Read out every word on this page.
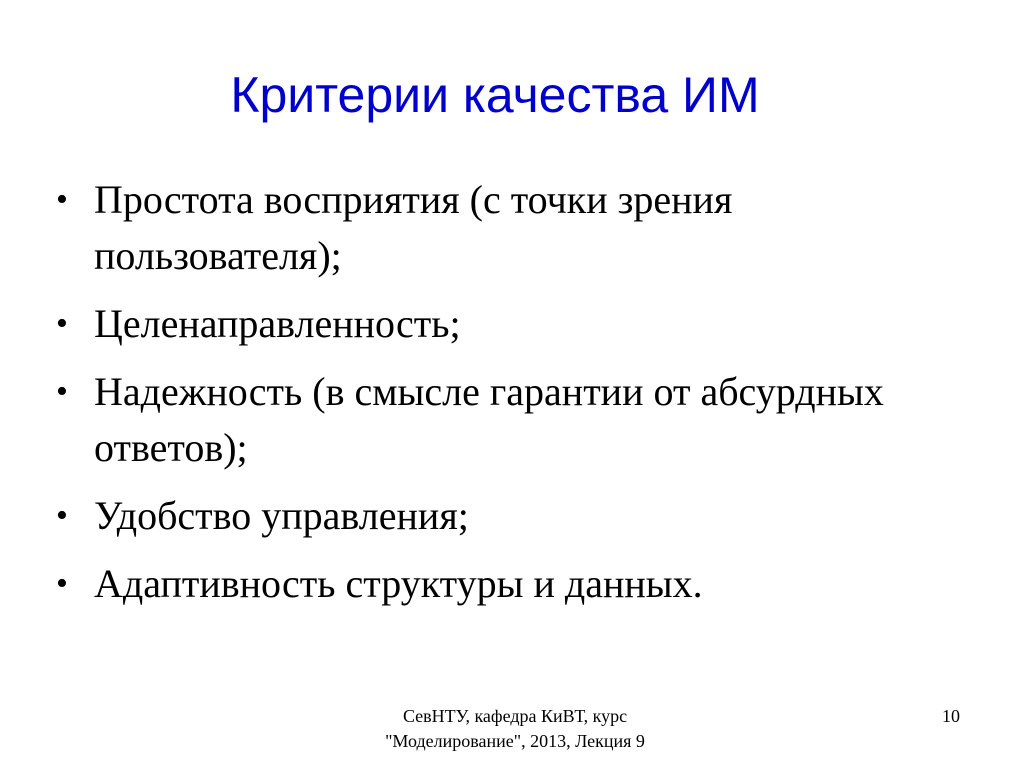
Критерии качества ИМ
• Простота восприятия (с точки зрения пользователя);
• Целенаправленность;
• Надежность (в смысле гарантии от абсурдных ответов);
• Удобство управления;
• Адаптивность структуры и данных.
СевНТУ, кафедра КиВТ, курс
"Моделирование", 2013, Лекция 9
10
